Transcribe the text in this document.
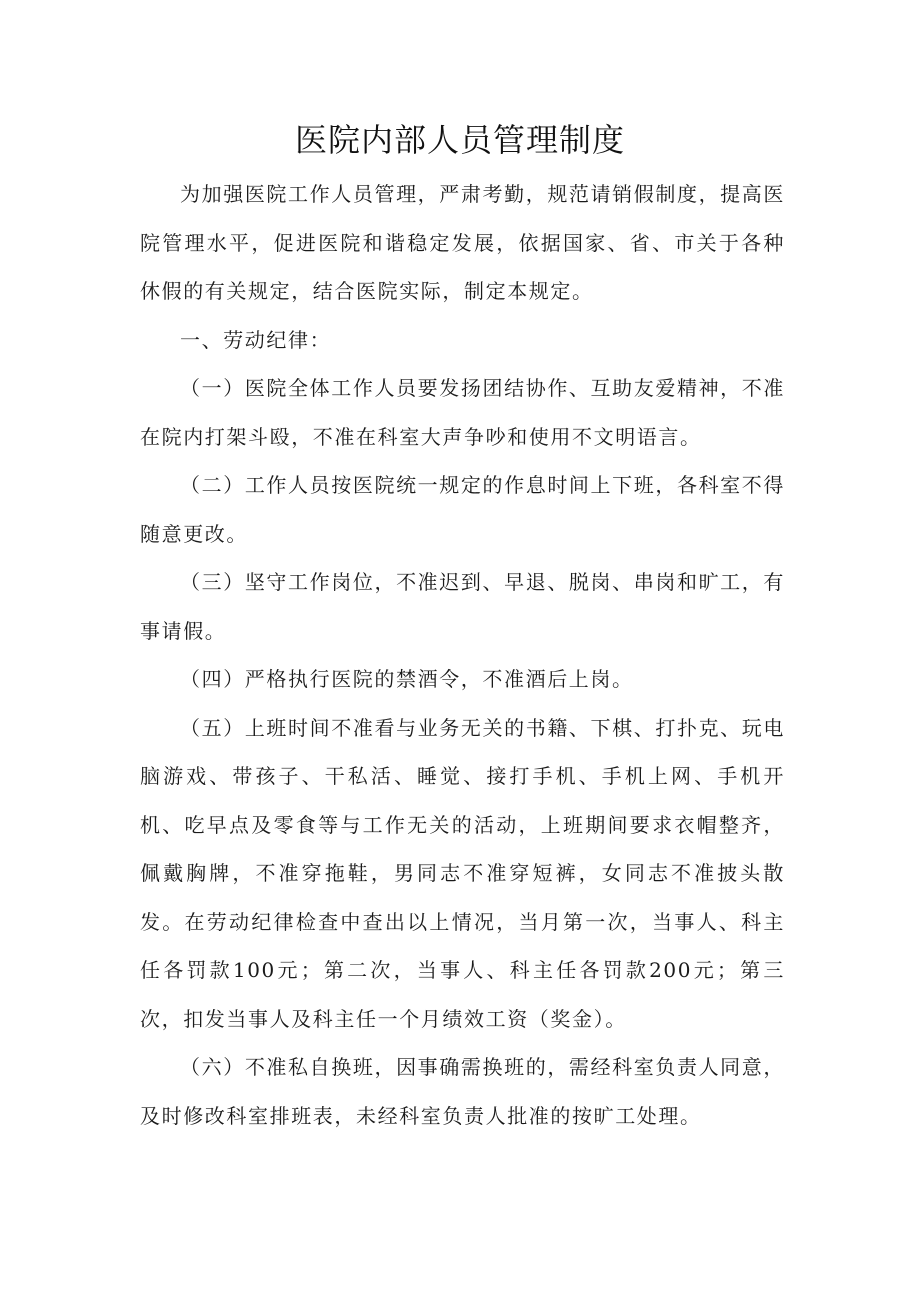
医院内部人员管理制度

为加强医院工作人员管理，严肃考勤，规范请销假制度，提高医院管理水平，促进医院和谐稳定发展，依据国家、省、市关于各种休假的有关规定，结合医院实际，制定本规定。

一、劳动纪律：

（一）医院全体工作人员要发扬团结协作、互助友爱精神，不准在院内打架斗殴，不准在科室大声争吵和使用不文明语言。

（二）工作人员按医院统一规定的作息时间上下班，各科室不得随意更改。

（三）坚守工作岗位，不准迟到、早退、脱岗、串岗和旷工，有事请假。

（四）严格执行医院的禁酒令，不准酒后上岗。

（五）上班时间不准看与业务无关的书籍、下棋、打扑克、玩电脑游戏、带孩子、干私活、睡觉、接打手机、手机上网、手机开机、吃早点及零食等与工作无关的活动，上班期间要求衣帽整齐，佩戴胸牌，不准穿拖鞋，男同志不准穿短裤，女同志不准披头散发。在劳动纪律检查中查出以上情况，当月第一次，当事人、科主任各罚款100元；第二次，当事人、科主任各罚款200元；第三次，扣发当事人及科主任一个月绩效工资（奖金）。

（六）不准私自换班，因事确需换班的，需经科室负责人同意，及时修改科室排班表，未经科室负责人批准的按旷工处理。
